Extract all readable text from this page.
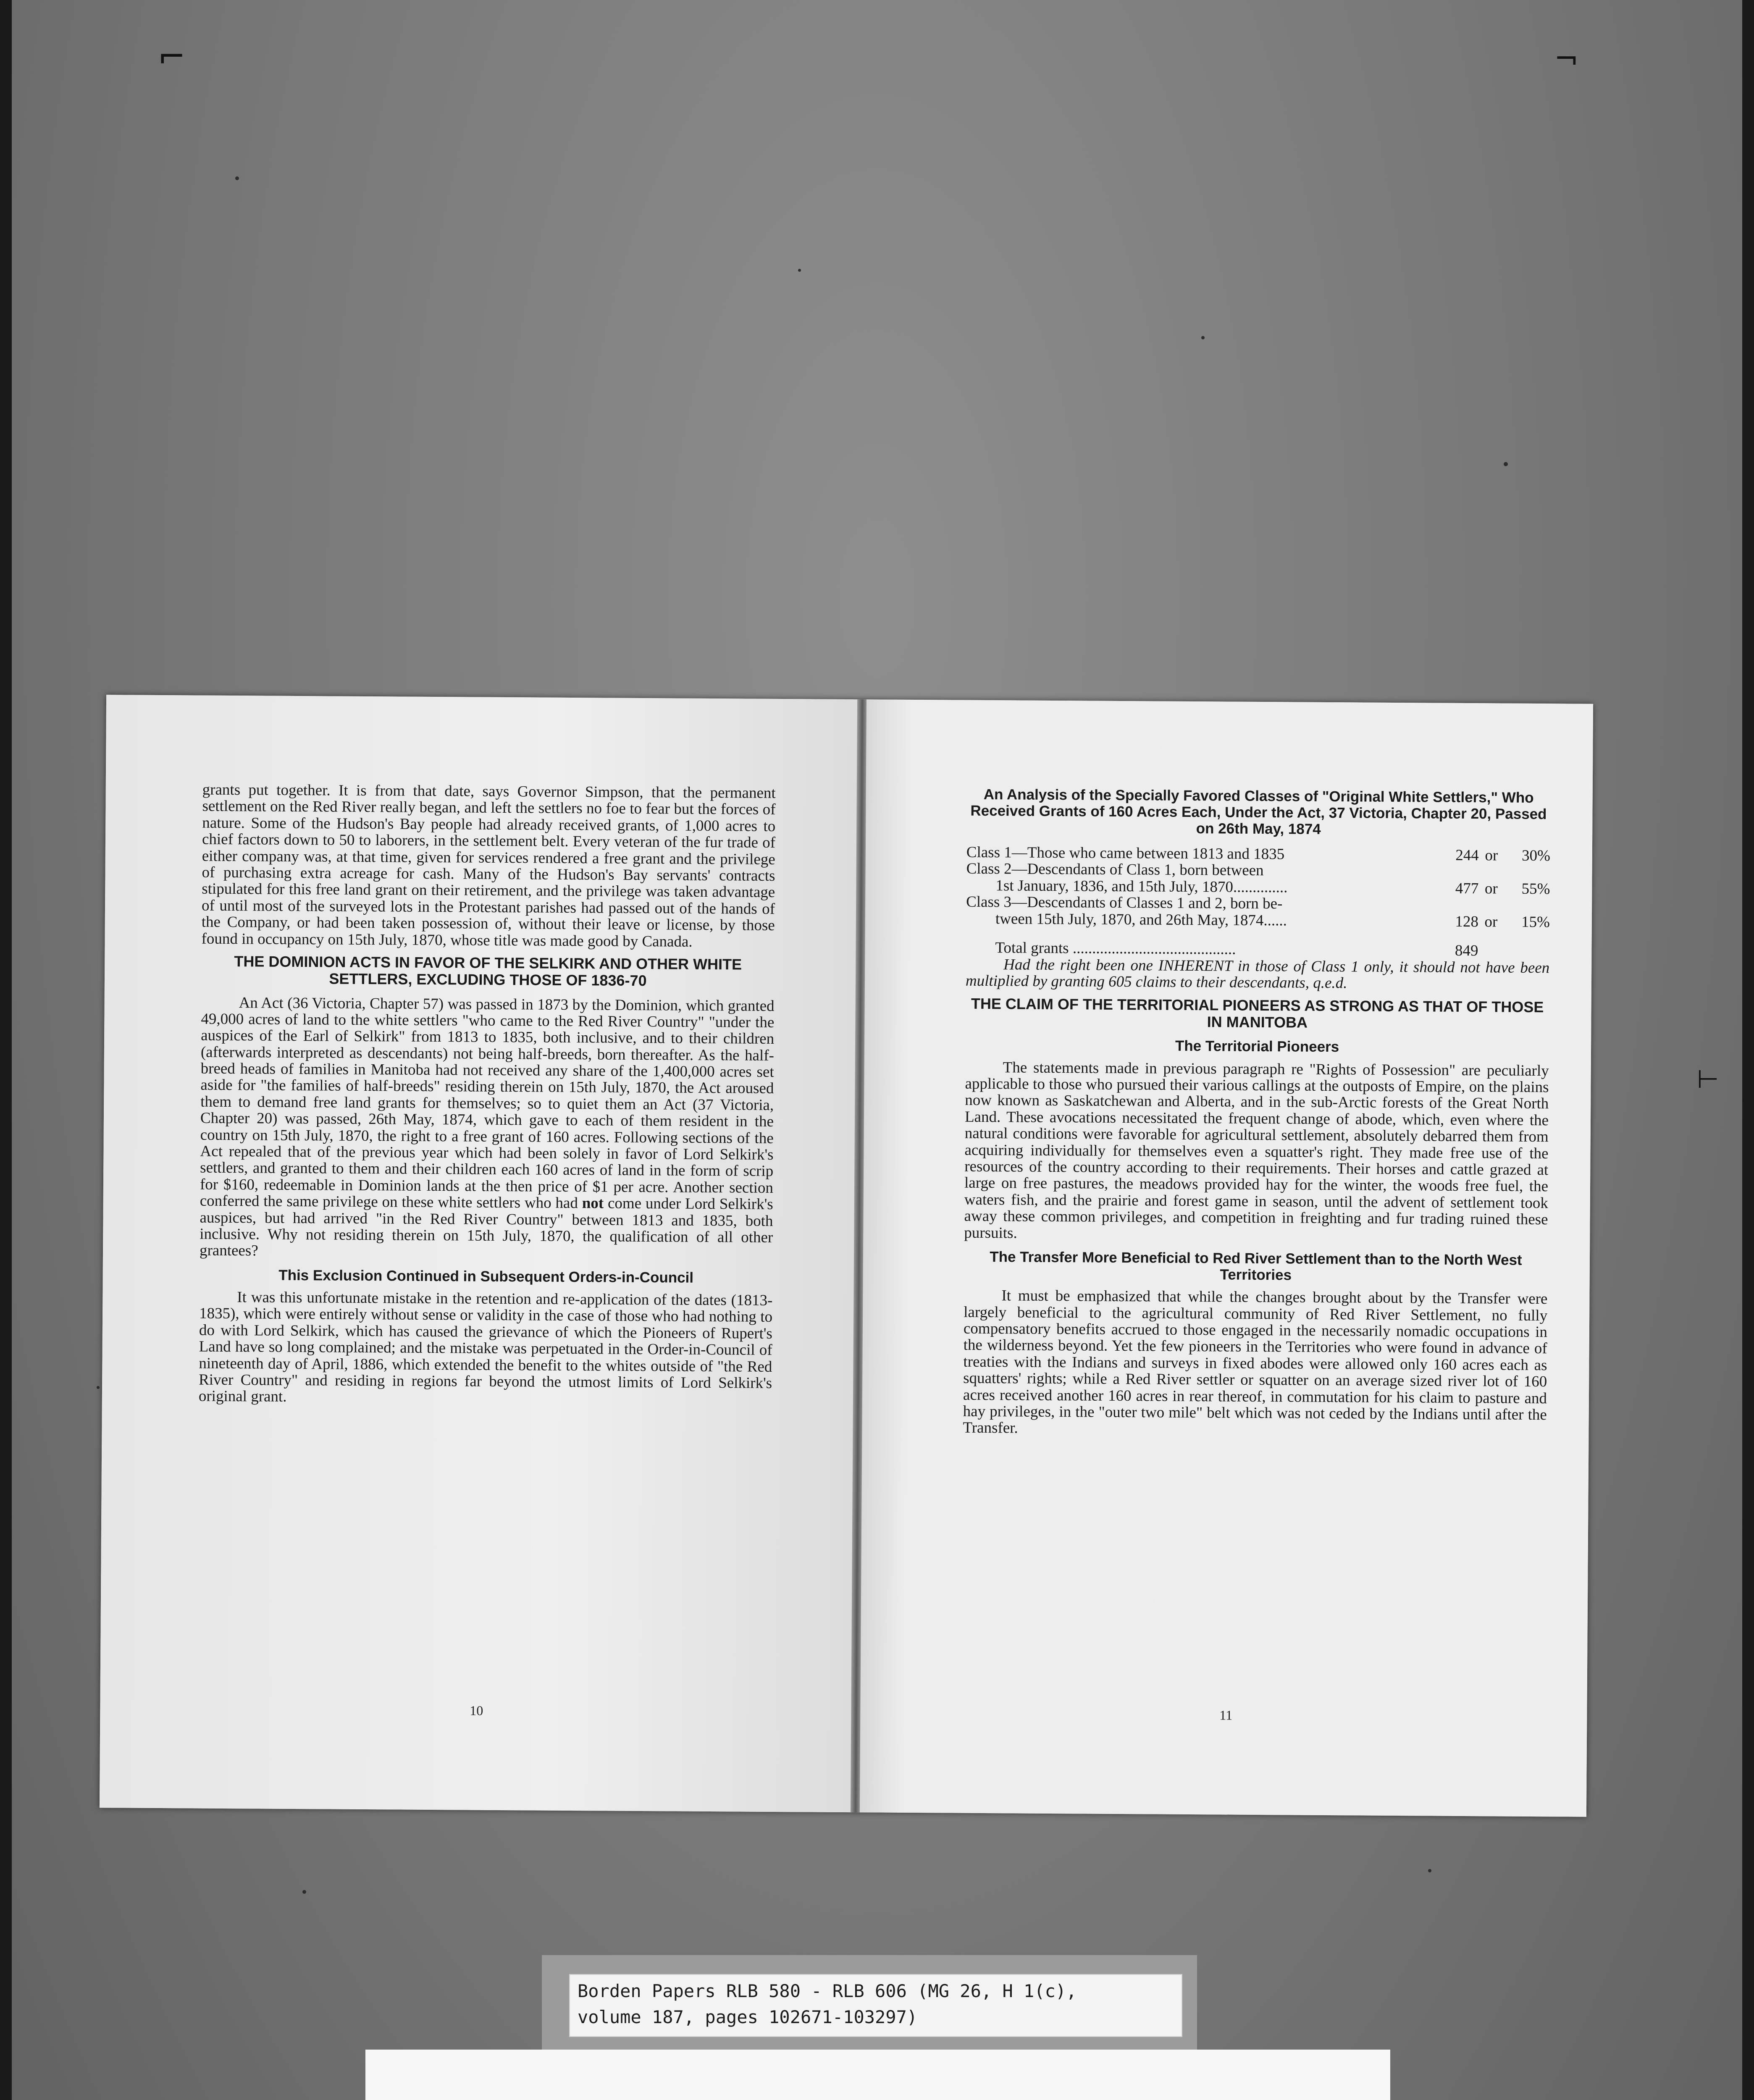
⌐	¬
⊢

grants put together. It is from that date, says Governor Simpson, that the permanent settlement on the Red River really began, and left the settlers no foe to fear but the forces of nature. Some of the Hudson's Bay people had already received grants, of 1,000 acres to chief factors down to 50 to laborers, in the settlement belt. Every veteran of the fur trade of either company was, at that time, given for services rendered a free grant and the privilege of purchasing extra acreage for cash. Many of the Hudson's Bay servants' contracts stipulated for this free land grant on their retirement, and the privilege was taken advantage of until most of the surveyed lots in the Protestant parishes had passed out of the hands of the Company, or had been taken possession of, without their leave or license, by those found in occupancy on 15th July, 1870, whose title was made good by Canada.

THE DOMINION ACTS IN FAVOR OF THE SELKIRK AND OTHER WHITE SETTLERS, EXCLUDING THOSE OF 1836-70

An Act (36 Victoria, Chapter 57) was passed in 1873 by the Dominion, which granted 49,000 acres of land to the white settlers "who came to the Red River Country" "under the auspices of the Earl of Selkirk" from 1813 to 1835, both inclusive, and to their children (afterwards interpreted as descendants) not being half-breeds, born thereafter. As the half-breed heads of families in Manitoba had not received any share of the 1,400,000 acres set aside for "the families of half-breeds" residing therein on 15th July, 1870, the Act aroused them to demand free land grants for themselves; so to quiet them an Act (37 Victoria, Chapter 20) was passed, 26th May, 1874, which gave to each of them resident in the country on 15th July, 1870, the right to a free grant of 160 acres. Following sections of the Act repealed that of the previous year which had been solely in favor of Lord Selkirk's settlers, and granted to them and their children each 160 acres of land in the form of scrip for $160, redeemable in Dominion lands at the then price of $1 per acre. Another section conferred the same privilege on these white settlers who had not come under Lord Selkirk's auspices, but had arrived "in the Red River Country" between 1813 and 1835, both inclusive. Why not residing therein on 15th July, 1870, the qualification of all other grantees?

This Exclusion Continued in Subsequent Orders-in-Council

It was this unfortunate mistake in the retention and re-application of the dates (1813-1835), which were entirely without sense or validity in the case of those who had nothing to do with Lord Selkirk, which has caused the grievance of which the Pioneers of Rupert's Land have so long complained; and the mistake was perpetuated in the Order-in-Council of nineteenth day of April, 1886, which extended the benefit to the whites outside of "the Red River Country" and residing in regions far beyond the utmost limits of Lord Selkirk's original grant.

10	11
An Analysis of the Specially Favored Classes of "Original White Settlers," Who Received Grants of 160 Acres Each, Under the Act, 37 Victoria, Chapter 20, Passed on 26th May, 1874
Class 1—Those who came between 1813 and 1835	244	or	30%
Class 2—Descendants of Class 1, born between			
1st January, 1836, and 15th July, 1870..............	477	or	55%
Class 3—Descendants of Classes 1 and 2, born be-			
tween 15th July, 1870, and 26th May, 1874......	128	or	15%
Total grants ..........................................	849		

Had the right been one INHERENT in those of Class 1 only, it should not have been multiplied by granting 605 claims to their descendants, q.e.d.

THE CLAIM OF THE TERRITORIAL PIONEERS AS STRONG AS THAT OF THOSE IN MANITOBA
The Territorial Pioneers

The statements made in previous paragraph re "Rights of Possession" are peculiarly applicable to those who pursued their various callings at the outposts of Empire, on the plains now known as Saskatchewan and Alberta, and in the sub-Arctic forests of the Great North Land. These avocations necessitated the frequent change of abode, which, even where the natural conditions were favorable for agricultural settlement, absolutely debarred them from acquiring individually for themselves even a squatter's right. They made free use of the resources of the country according to their requirements. Their horses and cattle grazed at large on free pastures, the meadows provided hay for the winter, the woods free fuel, the waters fish, and the prairie and forest game in season, until the advent of settlement took away these common privileges, and competition in freighting and fur trading ruined these pursuits.

The Transfer More Beneficial to Red River Settlement than to the North West Territories

It must be emphasized that while the changes brought about by the Transfer were largely beneficial to the agricultural community of Red River Settlement, no fully compensatory benefits accrued to those engaged in the necessarily nomadic occupations in the wilderness beyond. Yet the few pioneers in the Territories who were found in advance of treaties with the Indians and surveys in fixed abodes were allowed only 160 acres each as squatters' rights; while a Red River settler or squatter on an average sized river lot of 160 acres received another 160 acres in rear thereof, in commutation for his claim to pasture and hay privileges, in the "outer two mile" belt which was not ceded by the Indians until after the Transfer.

Borden Papers RLB 580 - RLB 606 (MG 26, H 1(c),
volume 187, pages 102671-103297)
